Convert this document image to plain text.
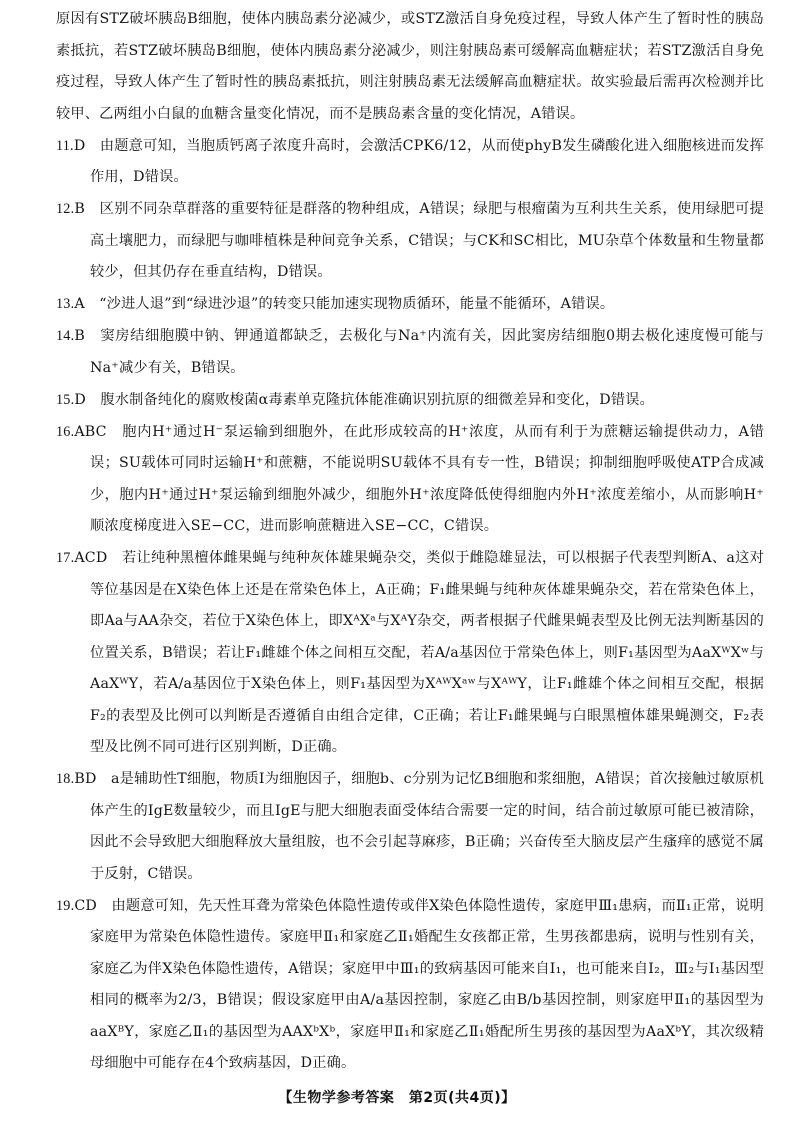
原因有STZ破坏胰岛B细胞，使体内胰岛素分泌减少，或STZ激活自身免疫过程，导致人体产生了暂时性的胰岛素抵抗，若STZ破坏胰岛B细胞，使体内胰岛素分泌减少，则注射胰岛素可缓解高血糖症状；若STZ激活自身免疫过程，导致人体产生了暂时性的胰岛素抵抗，则注射胰岛素无法缓解高血糖症状。故实验最后需再次检测并比较甲、乙两组小白鼠的血糖含量变化情况，而不是胰岛素含量的变化情况，A错误。

11.D　 由题意可知，当胞质钙离子浓度升高时，会激活CPK6/12，从而使phyB发生磷酸化进入细胞核进而发挥作用，D错误。

12.B　 区别不同杂草群落的重要特征是群落的物种组成，A错误；绿肥与根瘤菌为互利共生关系，使用绿肥可提高土壤肥力，而绿肥与咖啡植株是种间竞争关系，C错误；与CK和SC相比，MU杂草个体数量和生物量都较少，但其仍存在垂直结构，D错误。

13.A　 “沙进人退”到“绿进沙退”的转变只能加速实现物质循环，能量不能循环，A错误。

14.B　 窦房结细胞膜中钠、钾通道都缺乏，去极化与Na⁺内流有关，因此窦房结细胞0期去极化速度慢可能与Na⁺减少有关，B错误。

15.D　 腹水制备纯化的腐败梭菌α毒素单克隆抗体能准确识别抗原的细微差异和变化，D错误。

16.ABC　 胞内H⁺通过H⁻泵运输到细胞外，在此形成较高的H⁺浓度，从而有利于为蔗糖运输提供动力，A错误；SU载体可同时运输H⁺和蔗糖，不能说明SU载体不具有专一性，B错误；抑制细胞呼吸使ATP合成减少，胞内H⁺通过H⁺泵运输到细胞外减少，细胞外H⁺浓度降低使得细胞内外H⁺浓度差缩小，从而影响H⁺顺浓度梯度进入SE−CC，进而影响蔗糖进入SE−CC，C错误。

17.ACD　 若让纯种黑檀体雌果蝇与纯种灰体雄果蝇杂交，类似于雌隐雄显法，可以根据子代表型判断A、a这对等位基因是在X染色体上还是在常染色体上，A正确；F₁雌果蝇与纯种灰体雄果蝇杂交，若在常染色体上，即Aa与AA杂交，若位于X染色体上，即XᴬXᵃ与XᴬY杂交，两者根据子代雌果蝇表型及比例无法判断基因的位置关系，B错误；若让F₁雌雄个体之间相互交配，若A/a基因位于常染色体上，则F₁基因型为AaXᵂXʷ与AaXᵂY，若A/a基因位于X染色体上，则F₁基因型为XᴬᵂXᵃʷ与XᴬᵂY，让F₁雌雄个体之间相互交配，根据F₂的表型及比例可以判断是否遵循自由组合定律，C正确；若让F₁雌果蝇与白眼黑檀体雄果蝇测交，F₂表型及比例不同可进行区别判断，D正确。

18.BD　 a是辅助性T细胞，物质Ⅰ为细胞因子，细胞b、c分别为记忆B细胞和浆细胞，A错误；首次接触过敏原机体产生的IgE数量较少，而且IgE与肥大细胞表面受体结合需要一定的时间，结合前过敏原可能已被清除，因此不会导致肥大细胞释放大量组胺，也不会引起荨麻疹，B正确；兴奋传至大脑皮层产生瘙痒的感觉不属于反射，C错误。

19.CD　 由题意可知，先天性耳聋为常染色体隐性遗传或伴X染色体隐性遗传，家庭甲Ⅲ₁患病，而Ⅱ₁正常，说明家庭甲为常染色体隐性遗传。家庭甲Ⅱ₁和家庭乙Ⅱ₁婚配生女孩都正常，生男孩都患病，说明与性别有关，家庭乙为伴X染色体隐性遗传，A错误；家庭甲中Ⅲ₁的致病基因可能来自Ⅰ₁，也可能来自Ⅰ₂，Ⅲ₂与Ⅰ₁基因型相同的概率为2/3，B错误；假设家庭甲由A/a基因控制，家庭乙由B/b基因控制，则家庭甲Ⅱ₁的基因型为aaXᴮY，家庭乙Ⅱ₁的基因型为AAXᵇXᵇ，家庭甲Ⅱ₁和家庭乙Ⅱ₁婚配所生男孩的基因型为AaXᵇY，其次级精母细胞中可能存在4个致病基因，D正确。

【生物学参考答案　第2页(共4页)】
